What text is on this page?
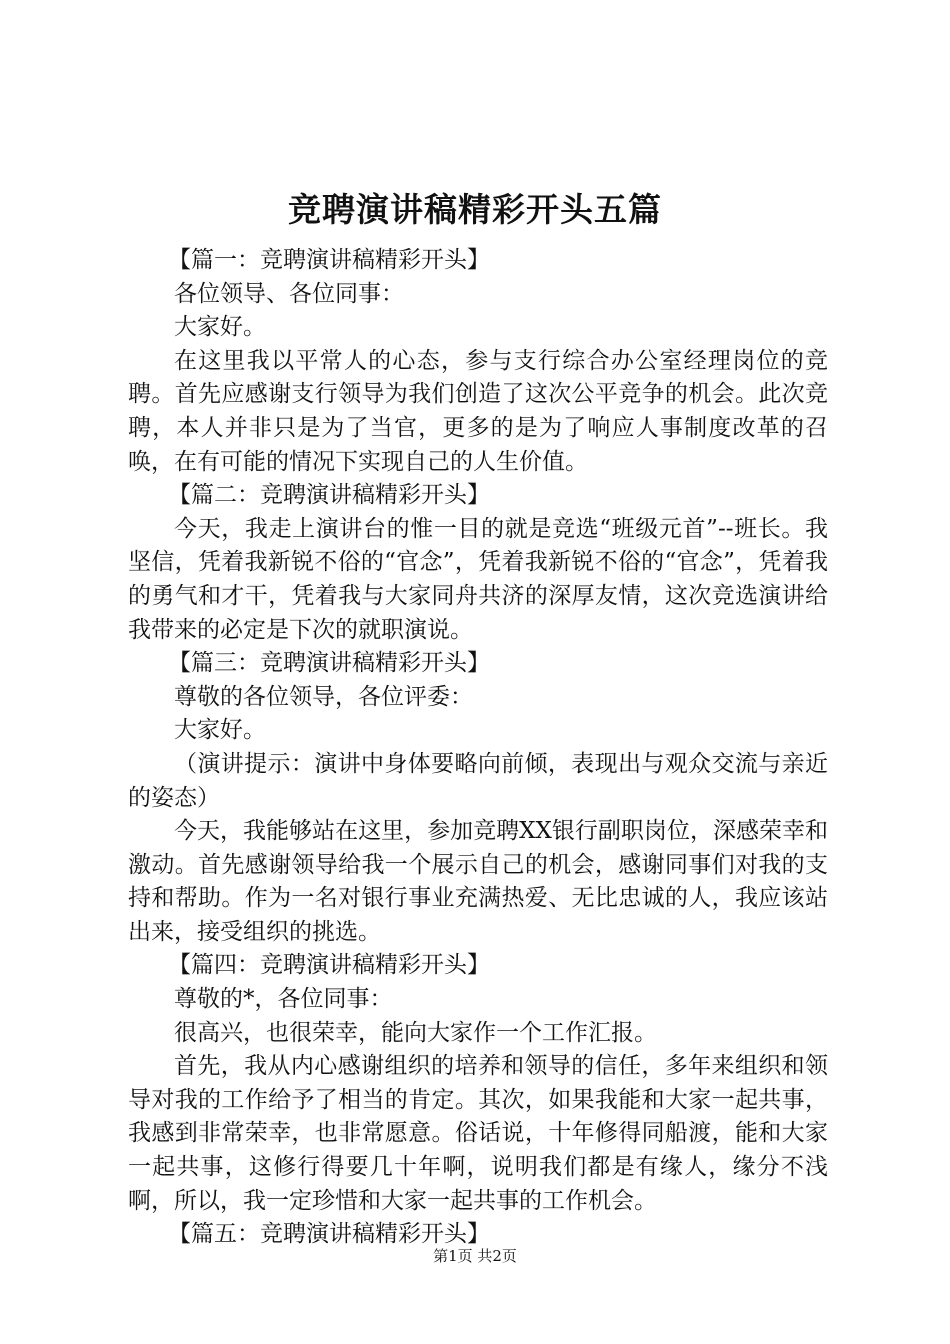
竞聘演讲稿精彩开头五篇

【篇一：竞聘演讲稿精彩开头】

各位领导、各位同事：

大家好。

在这里我以平常人的心态，参与支行综合办公室经理岗位的竞聘。首先应感谢支行领导为我们创造了这次公平竞争的机会。此次竞聘，本人并非只是为了当官，更多的是为了响应人事制度改革的召唤，在有可能的情况下实现自己的人生价值。

【篇二：竞聘演讲稿精彩开头】

今天，我走上演讲台的惟一目的就是竞选“班级元首”--班长。我坚信，凭着我新锐不俗的“官念”，凭着我新锐不俗的“官念”，凭着我的勇气和才干，凭着我与大家同舟共济的深厚友情，这次竞选演讲给我带来的必定是下次的就职演说。

【篇三：竞聘演讲稿精彩开头】

尊敬的各位领导，各位评委：

大家好。

（演讲提示：演讲中身体要略向前倾，表现出与观众交流与亲近的姿态）

今天，我能够站在这里，参加竞聘XX银行副职岗位，深感荣幸和激动。首先感谢领导给我一个展示自己的机会，感谢同事们对我的支持和帮助。作为一名对银行事业充满热爱、无比忠诚的人，我应该站出来，接受组织的挑选。

【篇四：竞聘演讲稿精彩开头】

尊敬的*，各位同事：

很高兴，也很荣幸，能向大家作一个工作汇报。

首先，我从内心感谢组织的培养和领导的信任，多年来组织和领导对我的工作给予了相当的肯定。其次，如果我能和大家一起共事，我感到非常荣幸，也非常愿意。俗话说，十年修得同船渡，能和大家一起共事，这修行得要几十年啊，说明我们都是有缘人，缘分不浅啊，所以，我一定珍惜和大家一起共事的工作机会。

【篇五：竞聘演讲稿精彩开头】

第1页 共2页
